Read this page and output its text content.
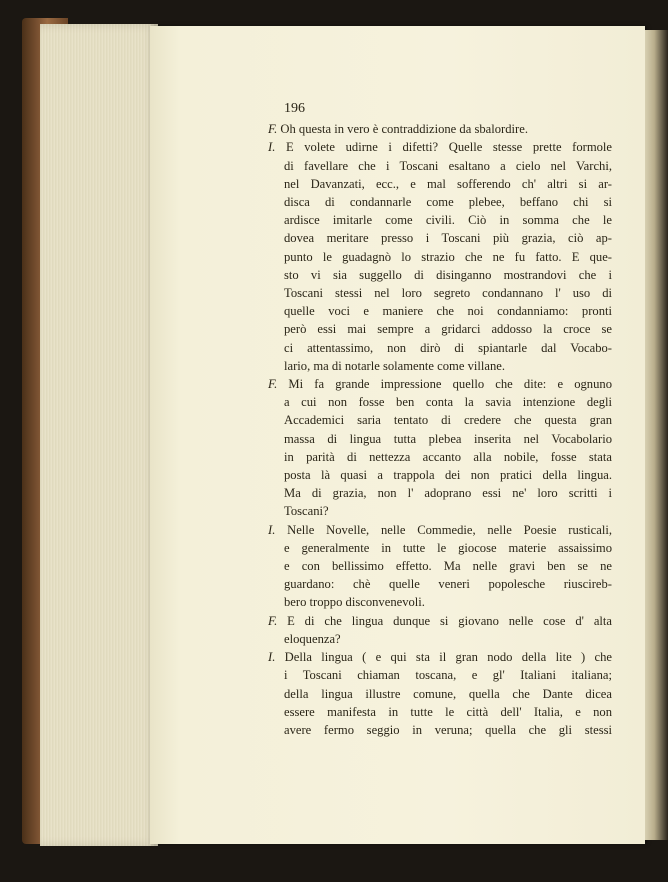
196
F. Oh questa in vero è contraddizione da sbalordire.
I. E volete udirne i difetti? Quelle stesse prette formole
di favellare che i Toscani esaltano a cielo nel Varchi,
nel Davanzati, ecc., e mal sofferendo ch' altri si ar-
disca di condannarle come plebee, beffano chi si
ardisce imitarle come civili. Ciò in somma che le
dovea meritare presso i Toscani più grazia, ciò ap-
punto le guadagnò lo strazio che ne fu fatto. E que-
sto vi sia suggello di disinganno mostrandovi che i
Toscani stessi nel loro segreto condannano l' uso di
quelle voci e maniere che noi condanniamo: pronti
però essi mai sempre a gridarci addosso la croce se
ci attentassimo, non dirò di spiantarle dal Vocabo-
lario, ma di notarle solamente come villane.
F. Mi fa grande impressione quello che dite: e ognuno
a cui non fosse ben conta la savia intenzione degli
Accademici saria tentato di credere che questa gran
massa di lingua tutta plebea inserita nel Vocabolario
in parità di nettezza accanto alla nobile, fosse stata
posta là quasi a trappola dei non pratici della lingua.
Ma di grazia, non l' adoprano essi ne' loro scritti i
Toscani?
I. Nelle Novelle, nelle Commedie, nelle Poesie rusticali,
e generalmente in tutte le giocose materie assaissimo
e con bellissimo effetto. Ma nelle gravi ben se ne
guardano: chè quelle veneri popolesche riuscireb-
bero troppo disconvenevoli.
F. E di che lingua dunque si giovano nelle cose d' alta
eloquenza?
I. Della lingua ( e qui sta il gran nodo della lite ) che
i Toscani chiaman toscana, e gl' Italiani italiana;
della lingua illustre comune, quella che Dante dicea
essere manifesta in tutte le città dell' Italia, e non
avere fermo seggio in veruna; quella che gli stessi
